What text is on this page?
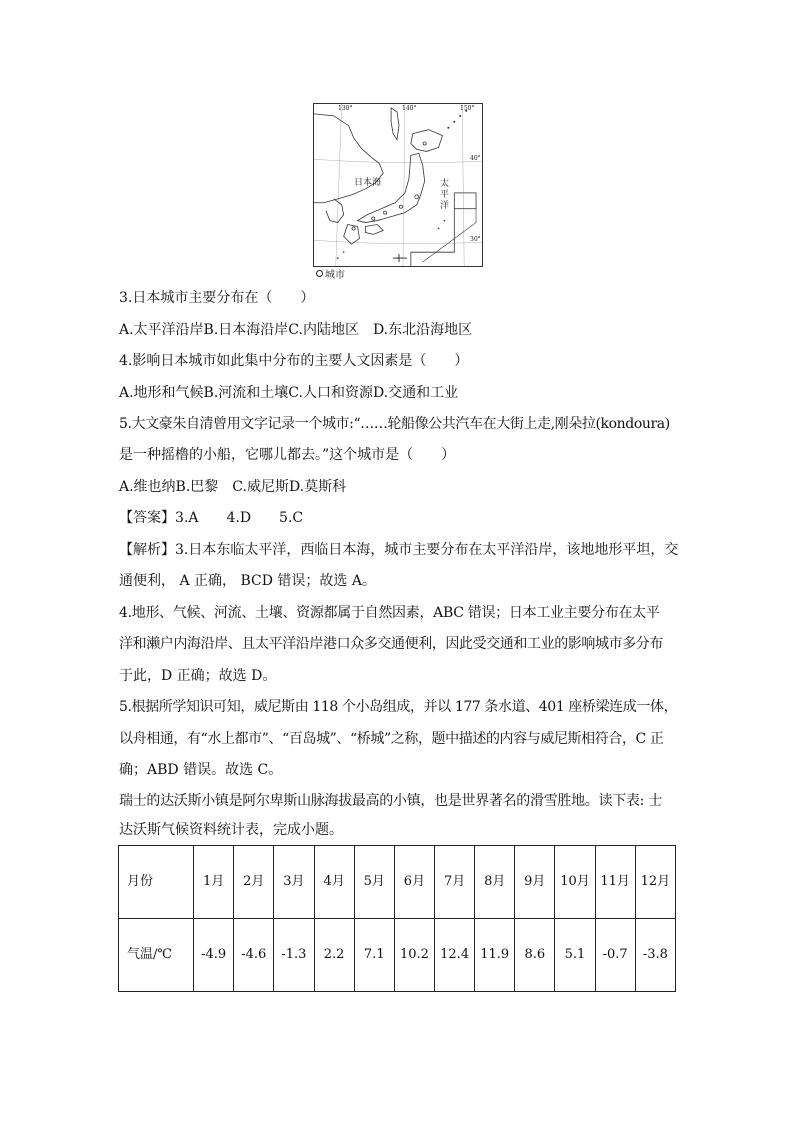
130°	140°	150°
40°
30°
日本海	太平洋
城市
3.日本城市主要分布在（　　）
A.太平洋沿岸B.日本海沿岸C.内陆地区　D.东北沿海地区
4.影响日本城市如此集中分布的主要人文因素是（　　）
A.地形和气候B.河流和土壤C.人口和资源D.交通和工业
5.大文豪朱自清曾用文字记录一个城市:“……轮船像公共汽车在大街上走,刚朵拉(kondoura)
是一种摇橹的小船，它哪儿都去。”这个城市是（　　）
A.维也纳B.巴黎　C.威尼斯D.莫斯科
【答案】3.A　　4.D　　5.C
【解析】3.日本东临太平洋，西临日本海，城市主要分布在太平洋沿岸，该地地形平坦，交
通便利， A 正确， BCD 错误；故选 A。
4.地形、气候、河流、土壤、资源都属于自然因素，ABC 错误；日本工业主要分布在太平
洋和濑户内海沿岸、且太平洋沿岸港口众多交通便利，因此受交通和工业的影响城市多分布
于此，D 正确；故选 D。
5.根据所学知识可知，威尼斯由 118 个小岛组成，并以 177 条水道、401 座桥梁连成一体，
以舟相通，有“水上都市”、“百岛城”、“桥城”之称，题中描述的内容与威尼斯相符合，C 正
确；ABD 错误。故选 C。
瑞士的达沃斯小镇是阿尔卑斯山脉海拔最高的小镇，也是世界著名的滑雪胜地。读下表: 士
达沃斯气候资料统计表，完成小题。
月份	1月	2月	3月	4月	5月	6月	7月	8月	9月	10月	11月	12月
气温/℃	-4.9	-4.6	-1.3	2.2	7.1	10.2	12.4	11.9	8.6	5.1	-0.7	-3.8
